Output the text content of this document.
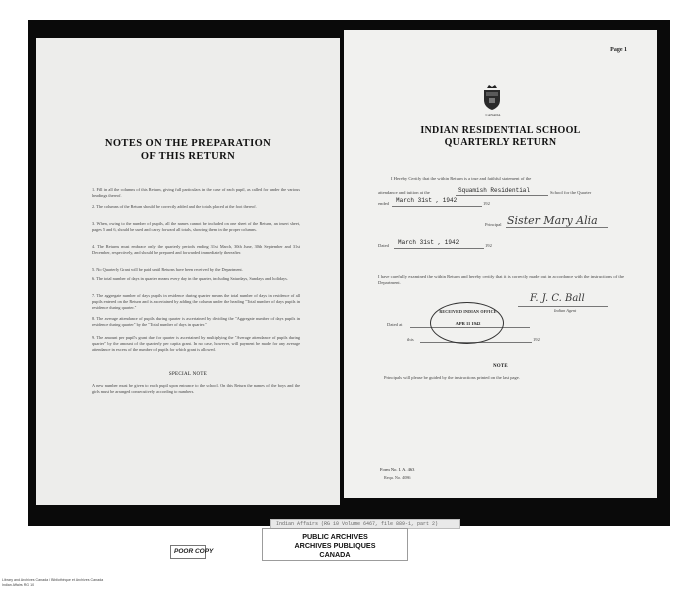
NOTES ON THE PREPARATION
OF THIS RETURN
1. Fill in all the columns of this Return, giving full particulars in the case of each pupil, as called for under the various headings thereof.
2. The columns of the Return should be correctly added and the totals placed at the foot thereof.
3. When, owing to the number of pupils, all the names cannot be included on one sheet of the Return, an insert sheet, pages 5 and 6, should be used and carry forward all totals, showing them in the proper columns.
4. The Returns must embrace only the quarterly periods ending 31st March, 30th June, 30th September and 31st December, respectively, and should be prepared and forwarded immediately thereafter.
5. No Quarterly Grant will be paid until Returns have been received by the Department.
6. The total number of days in quarter means every day in the quarter, including Saturdays, Sundays and holidays.
7. The aggregate number of days pupils in residence during quarter means the total number of days in residence of all pupils entered on the Return and is ascertained by adding the column under the heading "Total number of days pupils in residence during quarter."
8. The average attendance of pupils during quarter is ascertained by dividing the "Aggregate number of days pupils in residence during quarter" by the "Total number of days in quarter."
9. The amount per pupil's grant due for quarter is ascertained by multiplying the "Average attendance of pupils during quarter" by the amount of the quarterly per capita grant. In no case, however, will payment be made for any average attendance in excess of the number of pupils for which grant is allowed.
SPECIAL NOTE
A new number must be given to each pupil upon entrance to the school. On this Return the names of the boys and the girls must be arranged consecutively according to numbers.
Page 1
CANADA
INDIAN RESIDENTIAL SCHOOL
QUARTERLY RETURN
I Hereby Certify that the within Return is a true and faithful statement of the
attendance and tuition at the	Squamish Residential	School for the Quarter
ended March 31st , 1942	192
Principal Sister Mary Alia
Dated March 31st , 1942	192
I have carefully examined the within Return and hereby certify that it is correctly made out in accordance with the instructions of the Department.
F. J. C. Ball
Indian Agent
Dated at
this	192
RECEIVED INDIAN OFFICE
APR 11 1942
NOTE
Principals will please be guided by the instructions printed on the last page.
Form No. I. A. 463
Requ. No. 4086
Indian Affairs (RG 10 Volume 6467, file 889-1, part 2)
PUBLIC ARCHIVES
ARCHIVES PUBLIQUES
CANADA
POOR COPY
Library and Archives Canada / Bibliothèque et Archives Canada
Indian Affairs RG 10
